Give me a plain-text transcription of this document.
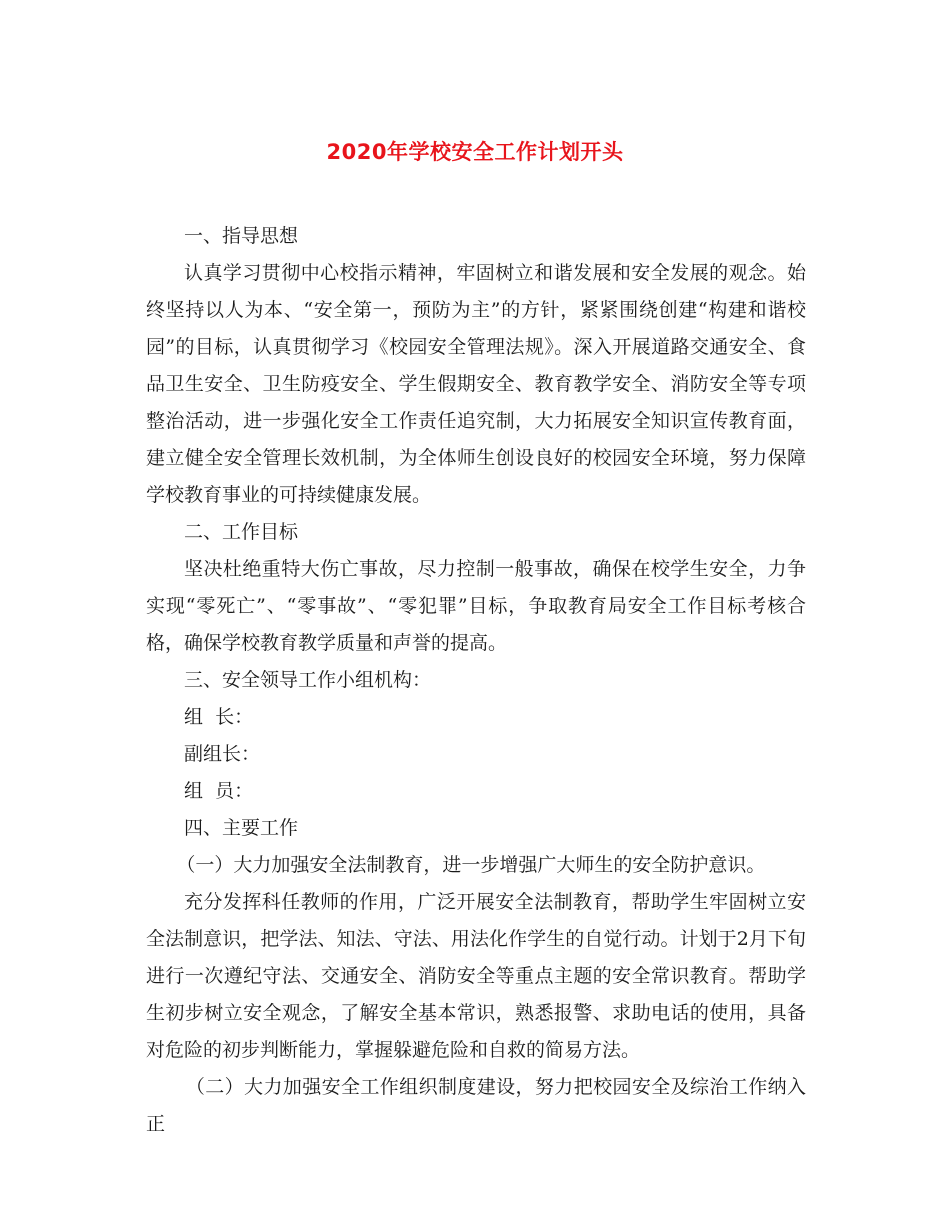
2020年学校安全工作计划开头

一、指导思想

认真学习贯彻中心校指示精神，牢固树立和谐发展和安全发展的观念。始终坚持以人为本、“安全第一，预防为主”的方针，紧紧围绕创建“构建和谐校园”的目标，认真贯彻学习《校园安全管理法规》。深入开展道路交通安全、食品卫生安全、卫生防疫安全、学生假期安全、教育教学安全、消防安全等专项整治活动，进一步强化安全工作责任追究制，大力拓展安全知识宣传教育面，建立健全安全管理长效机制，为全体师生创设良好的校园安全环境，努力保障学校教育事业的可持续健康发展。

二、工作目标

坚决杜绝重特大伤亡事故，尽力控制一般事故，确保在校学生安全，力争实现“零死亡”、“零事故”、“零犯罪”目标，争取教育局安全工作目标考核合格，确保学校教育教学质量和声誉的提高。

三、安全领导工作小组机构：

组  长：

副组长：

组  员：

四、主要工作

（一）大力加强安全法制教育，进一步增强广大师生的安全防护意识。

充分发挥科任教师的作用，广泛开展安全法制教育，帮助学生牢固树立安全法制意识，把学法、知法、守法、用法化作学生的自觉行动。计划于2月下旬进行一次遵纪守法、交通安全、消防安全等重点主题的安全常识教育。帮助学生初步树立安全观念，了解安全基本常识，熟悉报警、求助电话的使用，具备对危险的初步判断能力，掌握躲避危险和自救的简易方法。

（二）大力加强安全工作组织制度建设，努力把校园安全及综治工作纳入正
